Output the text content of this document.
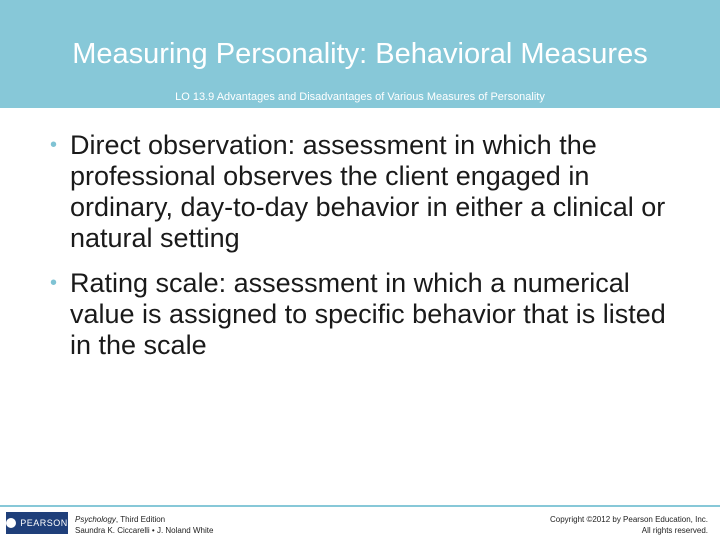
Measuring Personality: Behavioral Measures
LO 13.9 Advantages and Disadvantages of Various Measures of Personality
• Direct observation: assessment in which the professional observes the client engaged in ordinary, day-to-day behavior in either a clinical or natural setting
• Rating scale: assessment in which a numerical value is assigned to specific behavior that is listed in the scale
PEARSON Psychology, Third Edition
Saundra K. Ciccarelli • J. Noland White
Copyright ©2012 by Pearson Education, Inc.
All rights reserved.
